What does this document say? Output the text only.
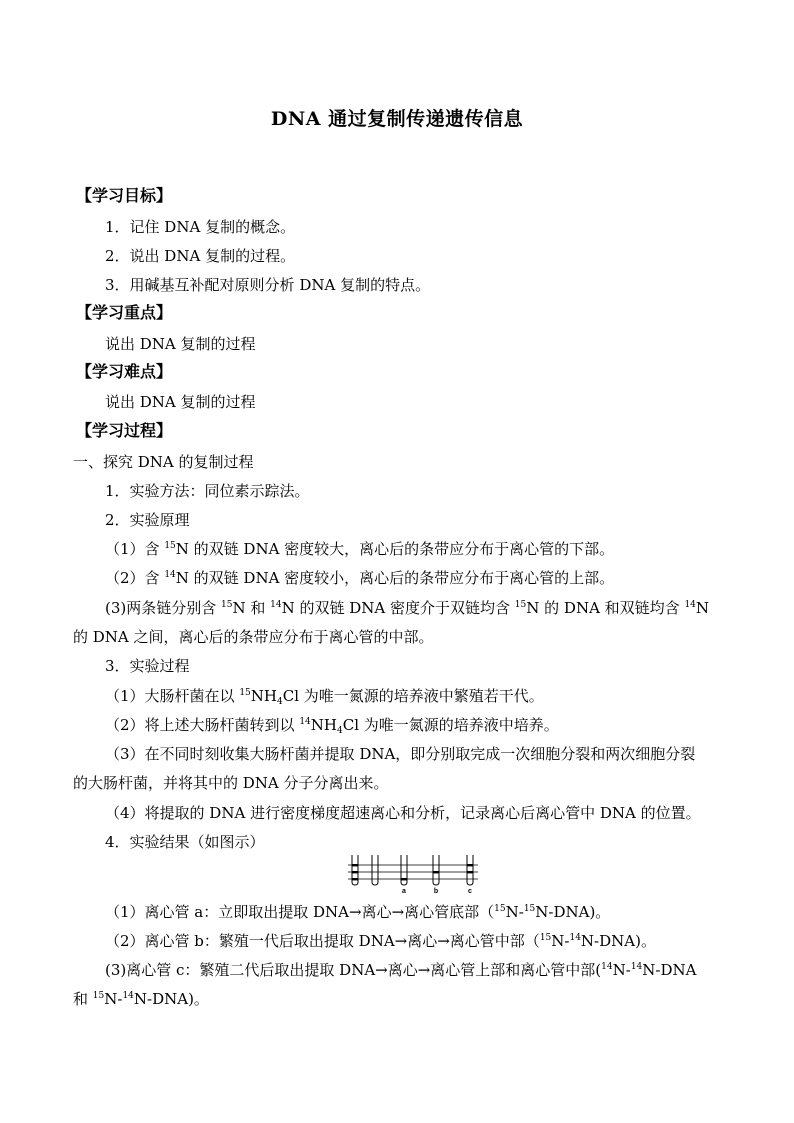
DNA 通过复制传递遗传信息
【学习目标】
1．记住 DNA 复制的概念。
2．说出 DNA 复制的过程。
3．用碱基互补配对原则分析 DNA 复制的特点。
【学习重点】
说出 DNA 复制的过程
【学习难点】
说出 DNA 复制的过程
【学习过程】
一、探究 DNA 的复制过程
1．实验方法：同位素示踪法。
2．实验原理
（1）含 $^{15}$N 的双链 DNA 密度较大，离心后的条带应分布于离心管的下部。
（2）含 $^{14}$N 的双链 DNA 密度较小，离心后的条带应分布于离心管的上部。
(3)两条链分别含 $^{15}$N 和 $^{14}$N 的双链 DNA 密度介于双链均含 $^{15}$N 的 DNA 和双链均含 $^{14}$N
的 DNA 之间，离心后的条带应分布于离心管的中部。
3．实验过程
（1）大肠杆菌在以 $^{15}NH_4Cl$ 为唯一氮源的培养液中繁殖若干代。
（2）将上述大肠杆菌转到以 $^{14}NH_4Cl$ 为唯一氮源的培养液中培养。
（3）在不同时刻收集大肠杆菌并提取 DNA，即分别取完成一次细胞分裂和两次细胞分裂
的大肠杆菌，并将其中的 DNA 分子分离出来。
（4）将提取的 DNA 进行密度梯度超速离心和分析，记录离心后离心管中 DNA 的位置。
4．实验结果（如图示）
a	b	c
（1）离心管 a：立即取出提取 DNA→离心→离心管底部（$^{15}$N-$^{15}$N-DNA)。
（2）离心管 b：繁殖一代后取出提取 DNA→离心→离心管中部（$^{15}$N-$^{14}$N-DNA)。
(3)离心管 c：繁殖二代后取出提取 DNA→离心→离心管上部和离心管中部($^{14}$N-$^{14}$N-DNA
和 $^{15}$N-$^{14}$N-DNA)。
